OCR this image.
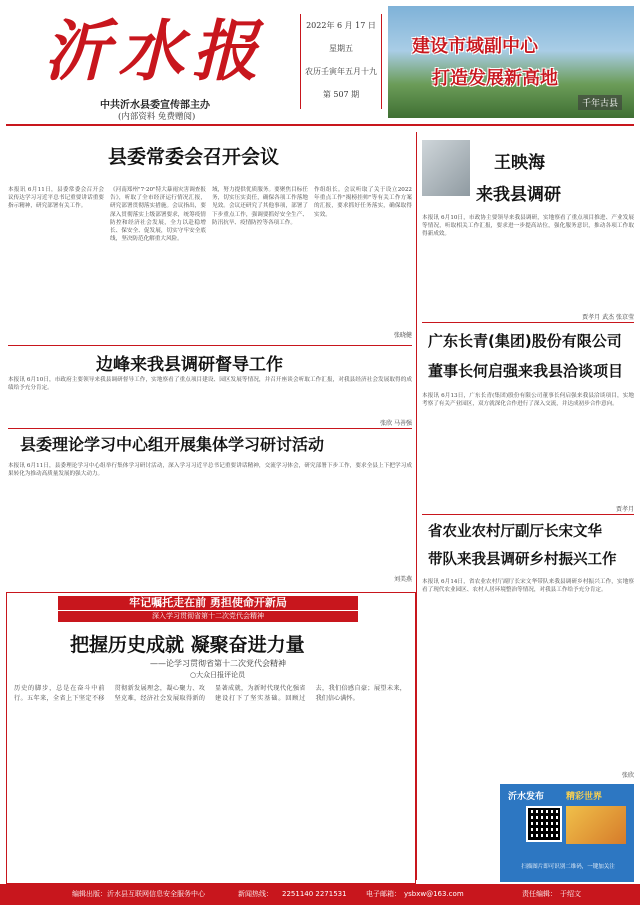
沂水报
中共沂水县委宣传部主办
(内部资料 免费赠阅)
2022年 6 月 17 日
星期五
农历壬寅年五月十九
第 507 期
建设市域副中心
打造发展新高地
千年古县
县委常委会召开会议
本报讯 6月11日，县委常委会召开会议传达学习习近平总书记重要讲话重要指示精神，研究部署有关工作。
《河南郑州"7·20"特大暴雨灾害调查报告》，听取了全市经济运行情况汇报，研究部署贯彻落实措施。会议指出，要深入贯彻落实上级部署要求，统筹疫情防控和经济社会发展，全力以赴稳增长、保安全、促发展，切实守牢安全底线，坚决防范化解重大风险。
域，努力提供优质服务。要聚焦目标任务，切实压实责任，确保各项工作落地见效。会议还研究了其他事项，部署了下步重点工作，强调要抓好安全生产、防汛抗旱、疫情防控等各项工作。
作组组长。会议听取了关于设立2022年重点工作"揭榜挂帅"等有关工作方案的汇报，要求抓好任务落实，确保取得实效。
张晓健
边峰来我县调研督导工作
本报讯 6月10日，市政府主要领导来我县调研督导工作，实地察看了重点项目建设、园区发展等情况，并召开座谈会听取工作汇报，对我县经济社会发展取得的成绩给予充分肯定。
张欣 马善强
县委理论学习中心组开展集体学习研讨活动
本报讯 6月11日，县委理论学习中心组举行集体学习研讨活动，深入学习习近平总书记重要讲话精神，交流学习体会，研究部署下步工作，要求全县上下把学习成果转化为推动高质量发展的强大动力。
刘美燕
牢记嘱托走在前 勇担使命开新局
深入学习贯彻省第十二次党代会精神
把握历史成就 凝聚奋进力量
——论学习贯彻省第十二次党代会精神
○大众日报评论员
历史的脚步，总是在奋斗中前行。五年来，全省上下坚定不移贯彻新发展理念，凝心聚力、攻坚克难，经济社会发展取得新的显著成就，为新时代现代化强省建设打下了坚实基础。回顾过去，我们倍感自豪；展望未来，我们信心满怀。
王映海
来我县调研
本报讯 6月10日，市政协主要领导来我县调研，实地察看了重点项目推进、产业发展等情况，听取相关工作汇报，要求进一步提高站位，强化服务意识，推动各项工作取得新成效。
贾孝月 武杰 张京莹
广东长青(集团)股份有限公司
董事长何启强来我县洽谈项目
本报讯 6月13日，广东长青(集团)股份有限公司董事长何启强来我县洽谈项目，实地考察了有关产业园区，双方就深化合作进行了深入交流，并达成初步合作意向。
贾孝月
省农业农村厅副厅长宋文华
带队来我县调研乡村振兴工作
本报讯 6月14日，省农业农村厅副厅长宋文华带队来我县调研乡村振兴工作，实地察看了现代农业园区、农村人居环境整治等情况，对我县工作给予充分肯定。
张欣
沂水发布 精彩世界
扫描图片即可识别二维码，一键加关注
编辑出版：沂水县互联网信息安全服务中心	新闻热线： 2251140 2271531	电子邮箱： ysbxw@163.com	责任编辑： 于绍文
